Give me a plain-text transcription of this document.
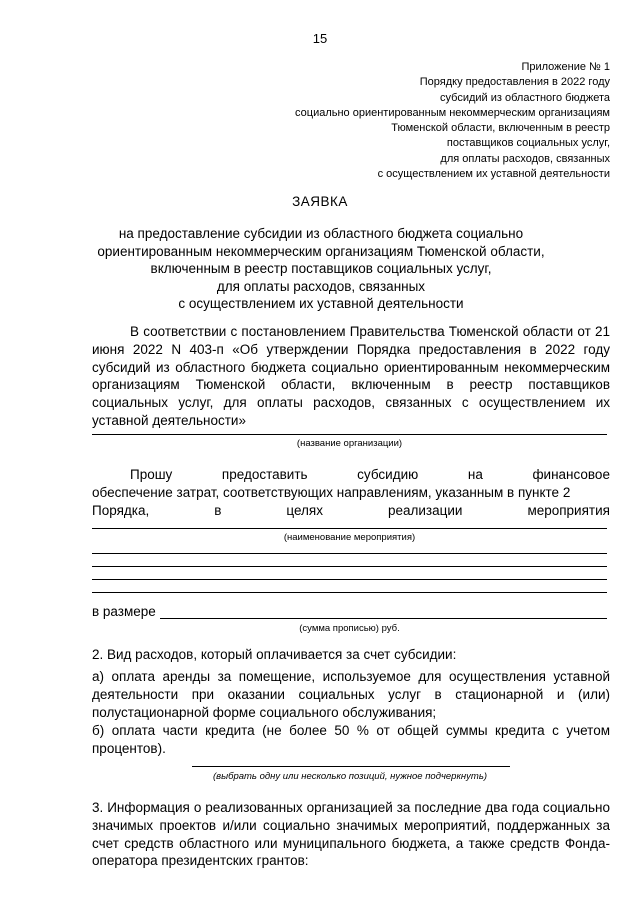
15
Приложение № 1
Порядку предоставления в 2022 году
субсидий из областного бюджета
социально ориентированным некоммерческим организациям
Тюменской области, включенным в реестр
поставщиков социальных услуг,
для оплаты расходов, связанных
с осуществлением их уставной деятельности
ЗАЯВКА
на предоставление субсидии из областного бюджета социально
ориентированным некоммерческим организациям Тюменской области,
включенным в реестр поставщиков социальных услуг,
для оплаты расходов, связанных
с осуществлением их уставной деятельности
В соответствии с постановлением Правительства Тюменской области от 21 июня 2022 N 403-п «Об утверждении Порядка предоставления в 2022 году субсидий из областного бюджета социально ориентированным некоммерческим организациям Тюменской области, включенным в реестр поставщиков социальных услуг, для оплаты расходов, связанных с осуществлением их уставной деятельности»
(название организации)
Прошу	предоставить	субсидию	на	финансовое
обеспечение затрат, соответствующих направлениям, указанным в пункте 2
Порядка,	в	целях	реализации	мероприятия
(наименование мероприятия)
в размере
(сумма прописью) руб.
2. Вид расходов, который оплачивается за счет субсидии:
а) оплата аренды за помещение, используемое для осуществления уставной деятельности при оказании социальных услуг в стационарной и (или) полустационарной форме социального обслуживания;
б) оплата части кредита (не более 50 % от общей суммы кредита с учетом процентов).
(выбрать одну или несколько позиций, нужное подчеркнуть)
3. Информация о реализованных организацией за последние два года социально значимых проектов и/или социально значимых мероприятий, поддержанных за счет средств областного или муниципального бюджета, а также средств Фонда-оператора президентских грантов:
